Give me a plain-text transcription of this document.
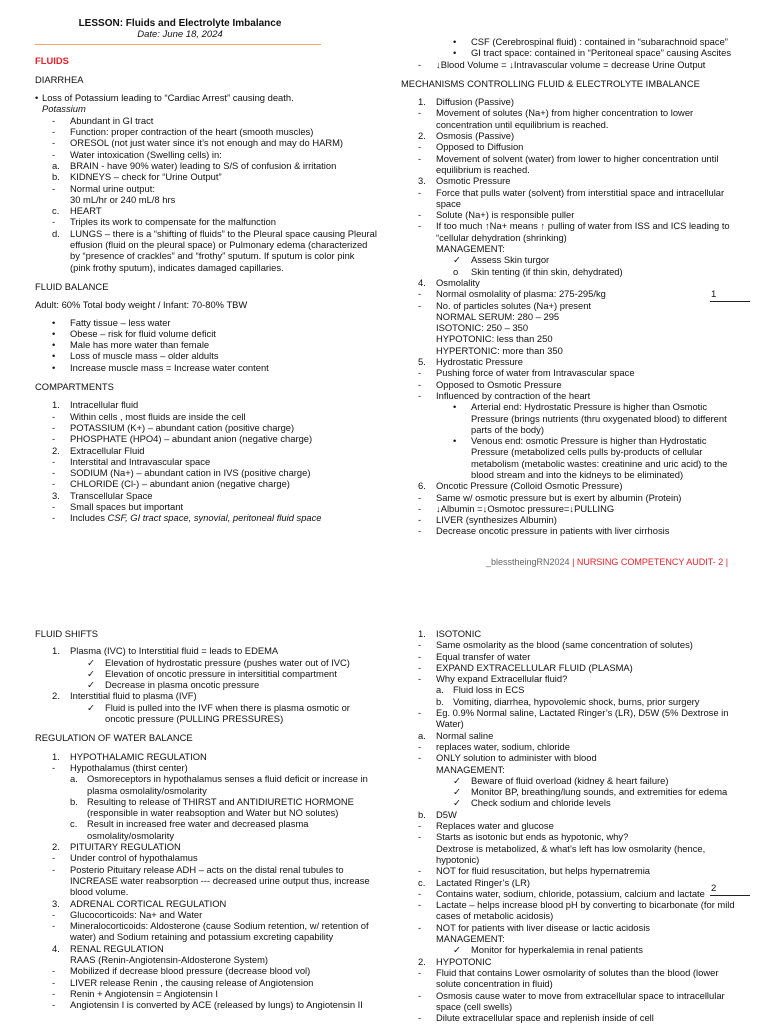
LESSON: Fluids and Electrolyte Imbalance
Date: June 18, 2024
FLUIDS
DIARRHEA
• Loss of Potassium leading to “Cardiac Arrest” causing death.
Potassium
-	Abundant in GI tract
-	Function: proper contraction of the heart (smooth muscles)
-	ORESOL (not just water since it’s not enough and may do HARM)
-	Water intoxication (Swelling cells) in:
a.	BRAIN - have 90% water) leading to S/S of confusion & irritation
b.	KIDNEYS – check for “Urine Output”
-	Normal urine output:
30 mL/hr or 240 mL/8 hrs
c.	HEART
-	Triples its work to compensate for the malfunction
d.	LUNGS – there is a “shifting of fluids” to the Pleural space causing Pleural effusion (fluid on the pleural space) or Pulmonary edema (characterized by “presence of crackles” and “frothy” sputum. If sputum is color pink (pink frothy sputum), indicates damaged capillaries.
FLUID BALANCE
Adult: 60% Total body weight / Infant: 70-80% TBW
•	Fatty tissue – less water
•	Obese – risk for fluid volume deficit
•	Male has more water than female
•	Loss of muscle mass – older aldults
•	Increase muscle mass = Increase water content
COMPARTMENTS
1.	Intracellular fluid
-	Within cells , most fluids are inside the cell
-	POTASSIUM (K+) – abundant cation (positive charge)
-	PHOSPHATE (HPO4) – abundant anion (negative charge)
2.	Extracellular Fluid
-	Interstital and Intravascular space
-	SODIUM (Na+) – abundant cation in IVS (positive charge)
-	CHLORIDE (Cl-) – abundant anion (negative charge)
3.	Transcellular Space
-	Small spaces but important
-	Includes CSF, GI tract space, synovial, peritoneal fluid space
•	CSF (Cerebrospinal fluid) : contained in “subarachnoid space”
•	GI tract space: contained in “Peritoneal space” causing Ascites
-	↓Blood Volume = ↓Intravascular volume = decrease Urine Output
MECHANISMS CONTROLLING FLUID & ELECTROLYTE IMBALANCE
1.	Diffusion (Passive)
-	Movement of solutes (Na+) from higher concentration to lower concentration until equilibrium is reached.
2.	Osmosis (Passive)
-	Opposed to Diffusion
-	Movement of solvent (water) from lower to higher concentration until equilibrium is reached.
3.	Osmotic Pressure
-	Force that pulls water (solvent) from interstitial space and intracellular space
-	Solute (Na+) is responsible puller
-	If too much ↑Na+ means ↑ pulling of water from ISS and ICS leading to “cellular dehydration (shrinking)
MANAGEMENT:
✓	Assess Skin turgor
o	Skin tenting (if thin skin, dehydrated)
4.	Osmolality
-	Normal osmolality of plasma: 275-295/kg
-	No. of particles solutes (Na+) present
NORMAL SERUM: 280 – 295
ISOTONIC: 250 – 350
HYPOTONIC: less than 250
HYPERTONIC: more than 350
5.	Hydrostatic Pressure
-	Pushing force of water from Intravascular space
-	Opposed to Osmotic Pressure
-	Influenced by contraction of the heart
•	Arterial end: Hydrostatic Pressure is higher than Osmotic Pressure (brings nutrients (thru oxygenated blood) to different parts of the body)
•	Venous end: osmotic Pressure is higher than Hydrostatic Pressure (metabolized cells pulls by-products of cellular metabolism (metabolic wastes: creatinine and uric acid) to the blood stream and into the kidneys to be eliminated)
6.	Oncotic Pressure (Colloid Osmotic Pressure)
-	Same w/ osmotic pressure but is exert by albumin (Protein)
-	↓Albumin =↓Osmotoc pressure=↓PULLING
-	LIVER (synthesizes Albumin)
-	Decrease oncotic pressure in patients with liver cirrhosis
1
_blesstheingRN2024 | NURSING COMPETENCY AUDIT- 2 |
FLUID SHIFTS
1.	Plasma (IVC) to Interstitial fluid = leads to EDEMA
✓	Elevation of hydrostatic pressure (pushes water out of IVC)
✓	Elevation of oncotic pressure in intersititial compartment
✓	Decrease in plasma oncotic pressure
2.	Interstitial fluid to plasma (IVF)
✓	Fluid is pulled into the IVF when there is plasma osmotic or oncotic pressure (PULLING PRESSURES)
REGULATION OF WATER BALANCE
1.	HYPOTHALAMIC REGULATION
-	Hypothalamus (thirst center)
a. Osmoreceptors in hypothalamus senses a fluid deficit or increase in plasma osmolality/osmolarity
b. Resulting to release of THIRST and ANTIDIURETIC HORMONE (responsible in water reabsoption and Water but NO solutes)
c.	Result in increased free water and decreased plasma osmolality/osmolarity
2.	PITUITARY REGULATION
-	Under control of hypothalamus
-	Posterio Pituitary release ADH – acts on the distal renal tubules to INCREASE water reabsorption --- decreased urine output thus, increase blood volume.
3.	ADRENAL CORTICAL REGULATION
-	Glucocorticoids: Na+ and Water
-	Mineralocorticoids: Aldosterone (cause Sodium retention, w/ retention of water) and Sodium retaining and potassium excreting capability
4.	RENAL REGULATION
RAAS (Renin-Angiotensin-Aldosterone System)
-	Mobilized if decrease blood pressure (decrease blood vol)
-	LIVER release Renin , the causing release of Angiotension
-	Renin + Angiotensin = Angiotensin I
-	Angiotensin I is converted by ACE (released by lungs) to Angiotensin II
1.	ISOTONIC
-	Same osmolarity as the blood (same concentration of solutes)
-	Equal transfer of water
-	EXPAND EXTRACELLULAR FLUID (PLASMA)
-	Why expand Extracellular fluid?
a. Fluid loss in ECS
b. Vomiting, diarrhea, hypovolemic shock, burns, prior surgery
-	Eg. 0.9% Normal saline, Lactated Ringer’s (LR), D5W (5% Dextrose in Water)
a.	Normal saline
-	replaces water, sodium, chloride
-	ONLY solution to administer with blood
MANAGEMENT:
✓	Beware of fluid overload (kidney & heart failure)
✓	Monitor BP, breathing/lung sounds, and extremities for edema
✓	Check sodium and chloride levels
b.	D5W
-	Replaces water and glucose
-	Starts as isotonic but ends as hypotonic, why?
Dextrose is metabolized, & what’s left has low osmolarity (hence, hypotonic)
-	NOT for fluid resuscitation, but helps hypernatremia
c.	Lactated Ringer’s (LR)
-	Contains water, sodium, chloride, potassium, calcium and lactate
-	Lactate – helps increase blood pH by converting to bicarbonate (for mild cases of metabolic acidosis)
-	NOT for patients with liver disease or lactic acidosis
MANAGEMENT:
✓	Monitor for hyperkalemia in renal patients
2.	HYPOTONIC
-	Fluid that contains Lower osmolarity of solutes than the blood (lower solute concentration in fluid)
-	Osmosis cause water to move from extracellular space to intracellular space (cell swells)
-	Dilute extracellular space and replenish inside of cell
2
